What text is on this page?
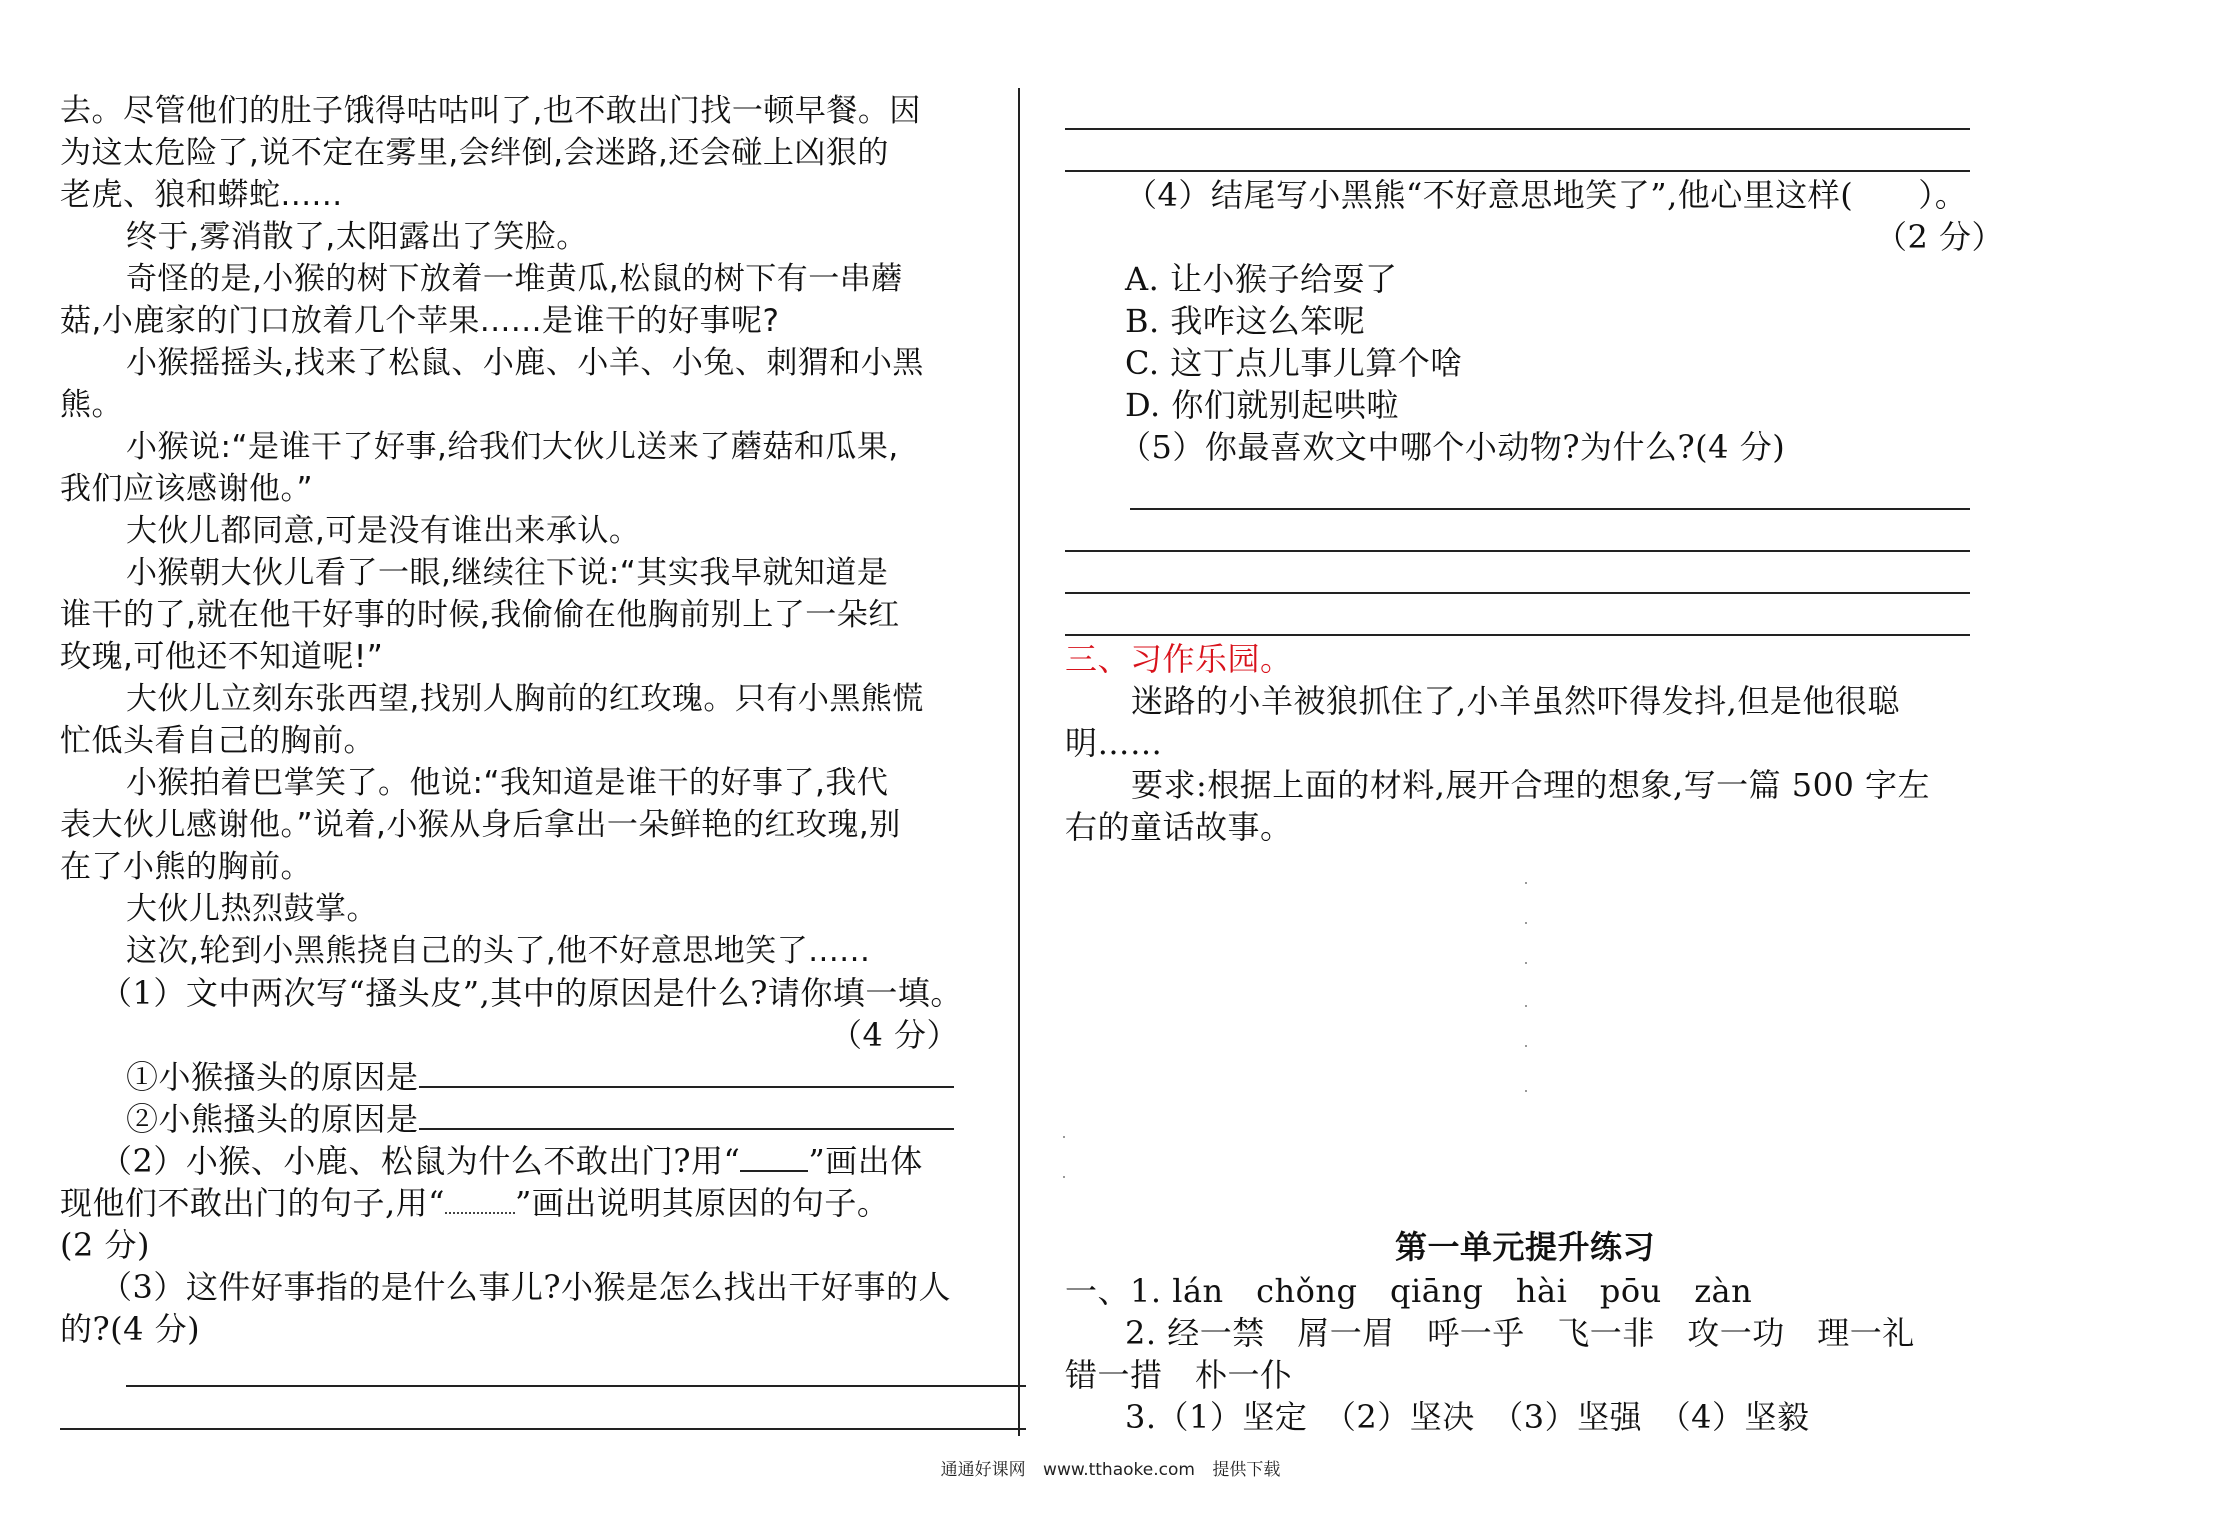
去。尽管他们的肚子饿得咕咕叫了,也不敢出门找一顿早餐。因
为这太危险了,说不定在雾里,会绊倒,会迷路,还会碰上凶狠的
老虎、狼和蟒蛇......
终于,雾消散了,太阳露出了笑脸。
奇怪的是,小猴的树下放着一堆黄瓜,松鼠的树下有一串蘑
菇,小鹿家的门口放着几个苹果......是谁干的好事呢?
小猴摇摇头,找来了松鼠、小鹿、小羊、小兔、刺猬和小黑
熊。
小猴说:“是谁干了好事,给我们大伙儿送来了蘑菇和瓜果,
我们应该感谢他。”
大伙儿都同意,可是没有谁出来承认。
小猴朝大伙儿看了一眼,继续往下说:“其实我早就知道是
谁干的了,就在他干好事的时候,我偷偷在他胸前别上了一朵红
玫瑰,可他还不知道呢!”
大伙儿立刻东张西望,找别人胸前的红玫瑰。只有小黑熊慌
忙低头看自己的胸前。
小猴拍着巴掌笑了。他说:“我知道是谁干的好事了,我代
表大伙儿感谢他。”说着,小猴从身后拿出一朵鲜艳的红玫瑰,别
在了小熊的胸前。
大伙儿热烈鼓掌。
这次,轮到小黑熊挠自己的头了,他不好意思地笑了......
（1）文中两次写“搔头皮”,其中的原因是什么?请你填一填。
（4 分）
①小猴搔头的原因是
②小熊搔头的原因是
（2）小猴、小鹿、松鼠为什么不敢出门?用“ ”画出体
现他们不敢出门的句子,用“ ”画出说明其原因的句子。
(2 分)
（3）这件好事指的是什么事儿?小猴是怎么找出干好事的人
的?(4 分)
（4）结尾写小黑熊“不好意思地笑了”,他心里这样(　　）。
（2 分）
A. 让小猴子给耍了
B. 我咋这么笨呢
C. 这丁点儿事儿算个啥
D. 你们就别起哄啦
（5）你最喜欢文中哪个小动物?为什么?(4 分)
三、习作乐园。
迷路的小羊被狼抓住了,小羊虽然吓得发抖,但是他很聪
明……
要求:根据上面的材料,展开合理的想象,写一篇 500 字左
右的童话故事。
第一单元提升练习
一、1. lán　chǒng　qiāng　hài　pōu　zàn
2. 经一禁　屑一眉　呼一乎　飞一非　攻一功　理一礼
错一措　朴一仆
3.（1）坚定　（2）坚决　（3）坚强　（4）坚毅
通通好课网 www.tthaoke.com 提供下载
